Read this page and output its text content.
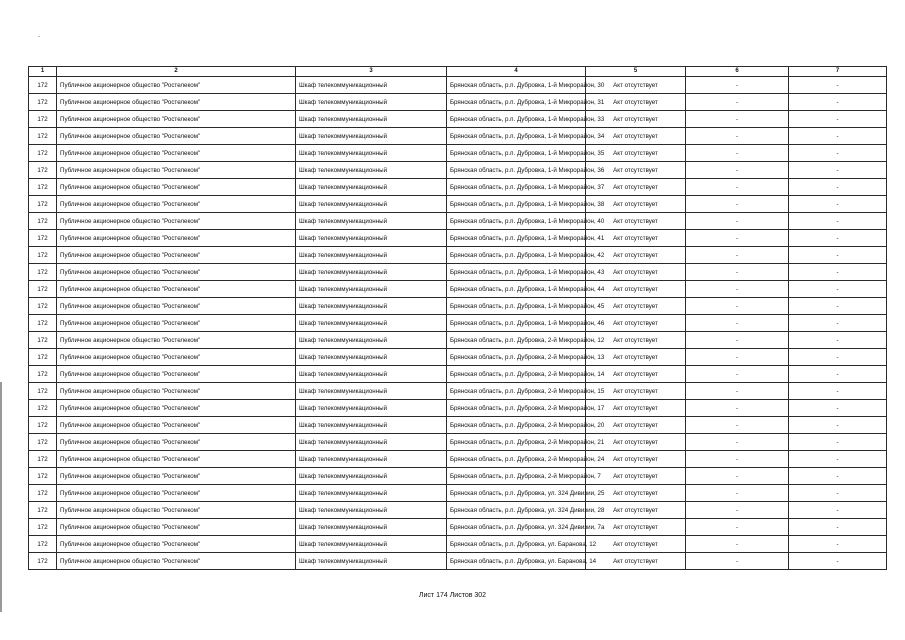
1	2	3	4	5	6	7
172	Публичное акционерное общество "Ростелеком"	Шкаф телекоммуникационный	Брянская область, р.п. Дубровка, 1-й Микрорайон, 30	Акт отсутствует	-	-
172	Публичное акционерное общество "Ростелеком"	Шкаф телекоммуникационный	Брянская область, р.п. Дубровка, 1-й Микрорайон, 31	Акт отсутствует	-	-
172	Публичное акционерное общество "Ростелеком"	Шкаф телекоммуникационный	Брянская область, р.п. Дубровка, 1-й Микрорайон, 33	Акт отсутствует	-	-
172	Публичное акционерное общество "Ростелеком"	Шкаф телекоммуникационный	Брянская область, р.п. Дубровка, 1-й Микрорайон, 34	Акт отсутствует	-	-
172	Публичное акционерное общество "Ростелеком"	Шкаф телекоммуникационный	Брянская область, р.п. Дубровка, 1-й Микрорайон, 35	Акт отсутствует	-	-
172	Публичное акционерное общество "Ростелеком"	Шкаф телекоммуникационный	Брянская область, р.п. Дубровка, 1-й Микрорайон, 36	Акт отсутствует	-	-
172	Публичное акционерное общество "Ростелеком"	Шкаф телекоммуникационный	Брянская область, р.п. Дубровка, 1-й Микрорайон, 37	Акт отсутствует	-	-
172	Публичное акционерное общество "Ростелеком"	Шкаф телекоммуникационный	Брянская область, р.п. Дубровка, 1-й Микрорайон, 38	Акт отсутствует	-	-
172	Публичное акционерное общество "Ростелеком"	Шкаф телекоммуникационный	Брянская область, р.п. Дубровка, 1-й Микрорайон, 40	Акт отсутствует	-	-
172	Публичное акционерное общество "Ростелеком"	Шкаф телекоммуникационный	Брянская область, р.п. Дубровка, 1-й Микрорайон, 41	Акт отсутствует	-	-
172	Публичное акционерное общество "Ростелеком"	Шкаф телекоммуникационный	Брянская область, р.п. Дубровка, 1-й Микрорайон, 42	Акт отсутствует	-	-
172	Публичное акционерное общество "Ростелеком"	Шкаф телекоммуникационный	Брянская область, р.п. Дубровка, 1-й Микрорайон, 43	Акт отсутствует	-	-
172	Публичное акционерное общество "Ростелеком"	Шкаф телекоммуникационный	Брянская область, р.п. Дубровка, 1-й Микрорайон, 44	Акт отсутствует	-	-
172	Публичное акционерное общество "Ростелеком"	Шкаф телекоммуникационный	Брянская область, р.п. Дубровка, 1-й Микрорайон, 45	Акт отсутствует	-	-
172	Публичное акционерное общество "Ростелеком"	Шкаф телекоммуникационный	Брянская область, р.п. Дубровка, 1-й Микрорайон, 46	Акт отсутствует	-	-
172	Публичное акционерное общество "Ростелеком"	Шкаф телекоммуникационный	Брянская область, р.п. Дубровка, 2-й Микрорайон, 12	Акт отсутствует	-	-
172	Публичное акционерное общество "Ростелеком"	Шкаф телекоммуникационный	Брянская область, р.п. Дубровка, 2-й Микрорайон, 13	Акт отсутствует	-	-
172	Публичное акционерное общество "Ростелеком"	Шкаф телекоммуникационный	Брянская область, р.п. Дубровка, 2-й Микрорайон, 14	Акт отсутствует	-	-
172	Публичное акционерное общество "Ростелеком"	Шкаф телекоммуникационный	Брянская область, р.п. Дубровка, 2-й Микрорайон, 15	Акт отсутствует	-	-
172	Публичное акционерное общество "Ростелеком"	Шкаф телекоммуникационный	Брянская область, р.п. Дубровка, 2-й Микрорайон, 17	Акт отсутствует	-	-
172	Публичное акционерное общество "Ростелеком"	Шкаф телекоммуникационный	Брянская область, р.п. Дубровка, 2-й Микрорайон, 20	Акт отсутствует	-	-
172	Публичное акционерное общество "Ростелеком"	Шкаф телекоммуникационный	Брянская область, р.п. Дубровка, 2-й Микрорайон, 21	Акт отсутствует	-	-
172	Публичное акционерное общество "Ростелеком"	Шкаф телекоммуникационный	Брянская область, р.п. Дубровка, 2-й Микрорайон, 24	Акт отсутствует	-	-
172	Публичное акционерное общество "Ростелеком"	Шкаф телекоммуникационный	Брянская область, р.п. Дубровка, 2-й Микрорайон, 7	Акт отсутствует	-	-
172	Публичное акционерное общество "Ростелеком"	Шкаф телекоммуникационный	Брянская область, р.п. Дубровка, ул. 324 Дивизии, 25	Акт отсутствует	-	-
172	Публичное акционерное общество "Ростелеком"	Шкаф телекоммуникационный	Брянская область, р.п. Дубровка, ул. 324 Дивизии, 28	Акт отсутствует	-	-
172	Публичное акционерное общество "Ростелеком"	Шкаф телекоммуникационный	Брянская область, р.п. Дубровка, ул. 324 Дивизии, 7а	Акт отсутствует	-	-
172	Публичное акционерное общество "Ростелеком"	Шкаф телекоммуникационный	Брянская область, р.п. Дубровка, ул. Баранова, 12	Акт отсутствует	-	-
172	Публичное акционерное общество "Ростелеком"	Шкаф телекоммуникационный	Брянская область, р.п. Дубровка, ул. Баранова, 14	Акт отсутствует	-	-
Лист 174 Листов 302
